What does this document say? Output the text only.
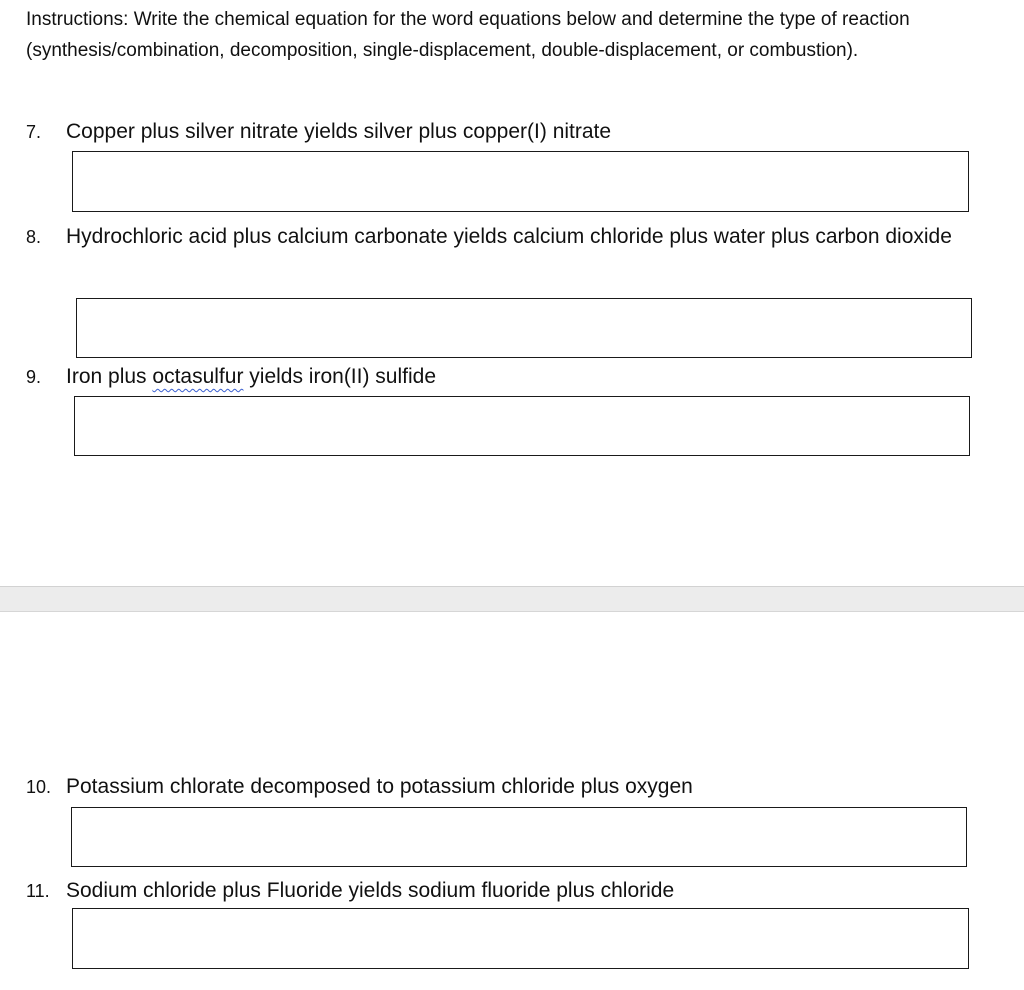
Instructions: Write the chemical equation for the word equations below and determine the type of reaction (synthesis/combination, decomposition, single-displacement, double-displacement, or combustion).

7. Copper plus silver nitrate yields silver plus copper(I) nitrate
8. Hydrochloric acid plus calcium carbonate yields calcium chloride plus water plus carbon dioxide
9. Iron plus octasulfur yields iron(II) sulfide
10. Potassium chlorate decomposed to potassium chloride plus oxygen
11. Sodium chloride plus Fluoride yields sodium fluoride plus chloride
